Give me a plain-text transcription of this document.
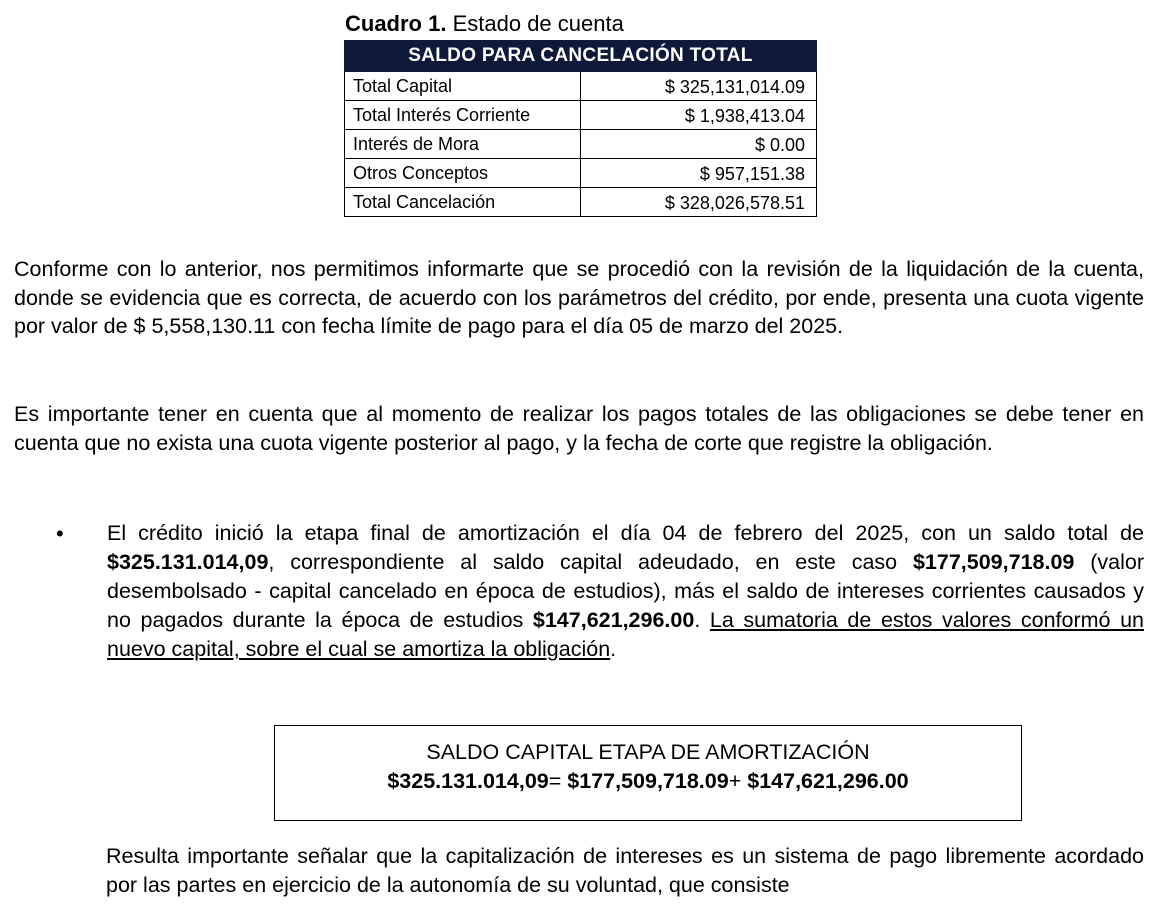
Cuadro 1. Estado de cuenta
SALDO PARA CANCELACIÓN TOTAL	
Total Capital	$ 325,131,014.09
Total Interés Corriente	$ 1,938,413.04
Interés de Mora	$ 0.00
Otros Conceptos	$ 957,151.38
Total Cancelación	$ 328,026,578.51

Conforme con lo anterior, nos permitimos informarte que se procedió con la revisión de la liquidación de la cuenta, donde se evidencia que es correcta, de acuerdo con los parámetros del crédito, por ende, presenta una cuota vigente por valor de $ 5,558,130.11 con fecha límite de pago para el día 05 de marzo del 2025.

Es importante tener en cuenta que al momento de realizar los pagos totales de las obligaciones se debe tener en cuenta que no exista una cuota vigente posterior al pago, y la fecha de corte que registre la obligación.

• El crédito inició la etapa final de amortización el día 04 de febrero del 2025, con un saldo total de $325.131.014,09, correspondiente al saldo capital adeudado, en este caso $177,509,718.09 (valor desembolsado - capital cancelado en época de estudios), más el saldo de intereses corrientes causados y no pagados durante la época de estudios $147,621,296.00. La sumatoria de estos valores conformó un nuevo capital, sobre el cual se amortiza la obligación.

SALDO CAPITAL ETAPA DE AMORTIZACIÓN
$325.131.014,09= $177,509,718.09+ $147,621,296.00

Resulta importante señalar que la capitalización de intereses es un sistema de pago libremente acordado por las partes en ejercicio de la autonomía de su voluntad, que consiste
